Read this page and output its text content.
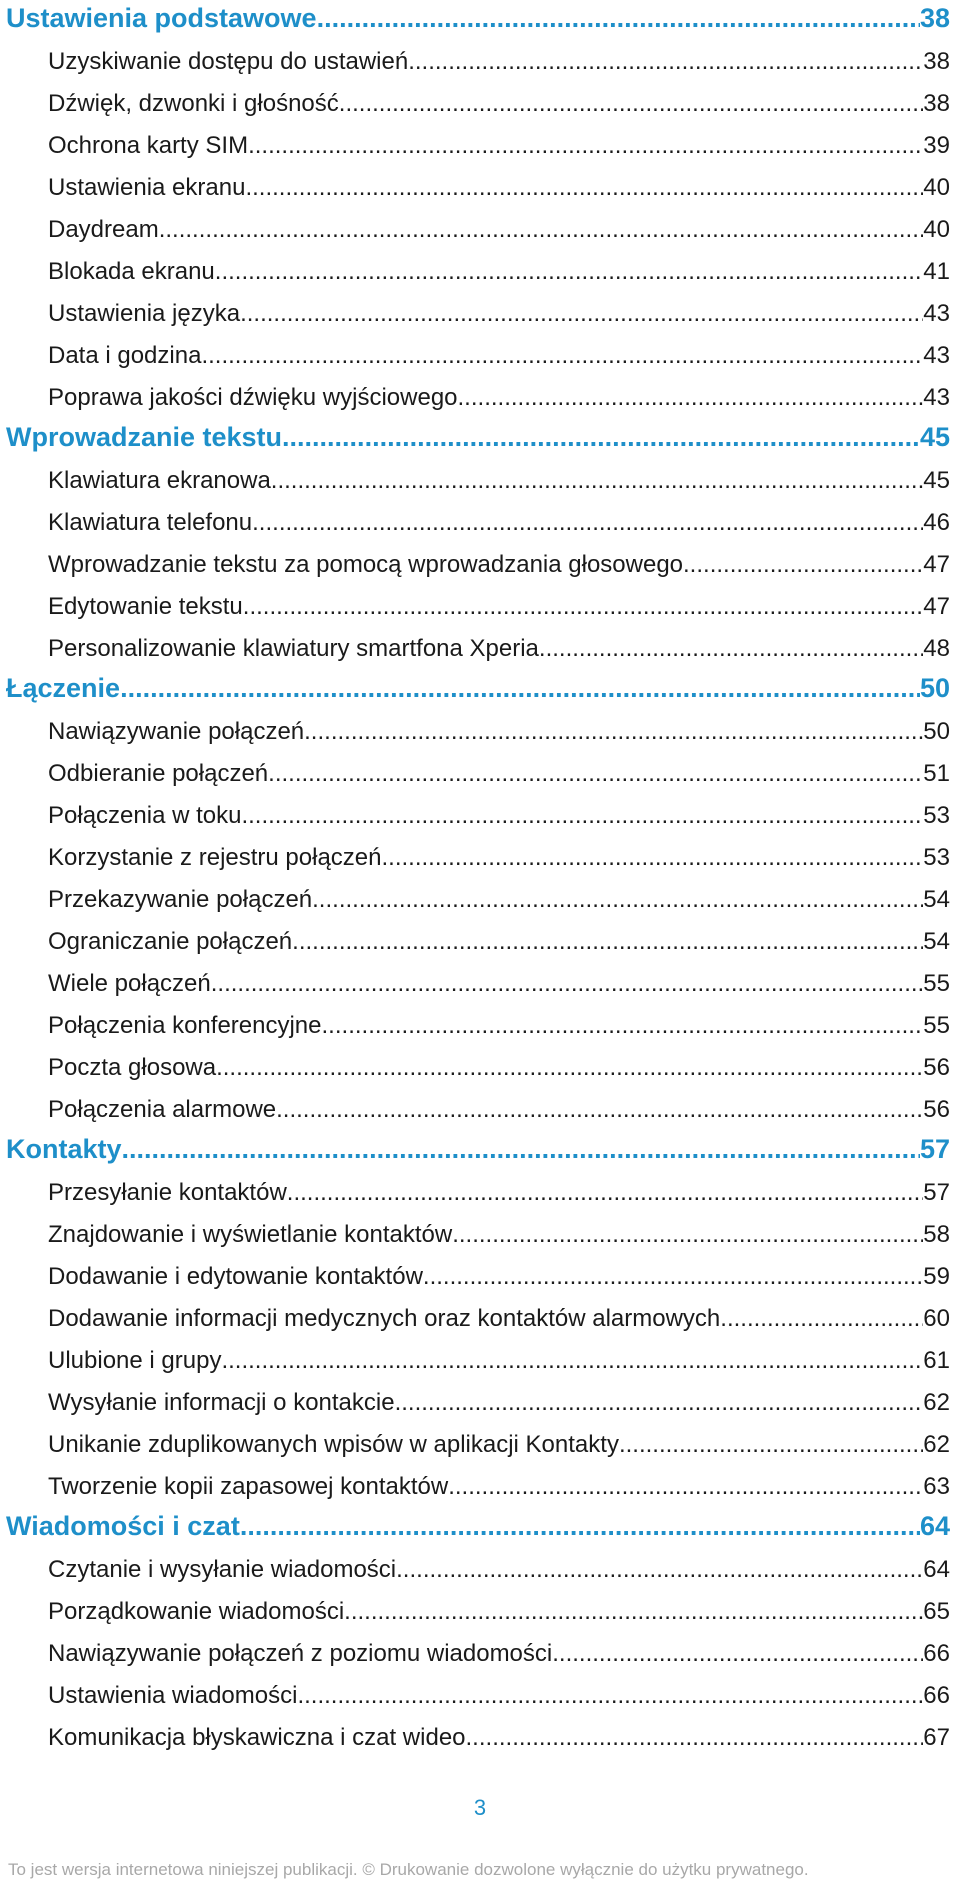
Ustawienia podstawowe .....	38
Uzyskiwanie dostępu do ustawień .....	38
Dźwięk, dzwonki i głośność .....	38
Ochrona karty SIM .....	39
Ustawienia ekranu .....	40
Daydream .....	40
Blokada ekranu .....	41
Ustawienia języka .....	43
Data i godzina .....	43
Poprawa jakości dźwięku wyjściowego .....	43
Wprowadzanie tekstu .....	45
Klawiatura ekranowa .....	45
Klawiatura telefonu .....	46
Wprowadzanie tekstu za pomocą wprowadzania głosowego .....	47
Edytowanie tekstu .....	47
Personalizowanie klawiatury smartfona Xperia .....	48
Łączenie .....	50
Nawiązywanie połączeń .....	50
Odbieranie połączeń .....	51
Połączenia w toku .....	53
Korzystanie z rejestru połączeń .....	53
Przekazywanie połączeń .....	54
Ograniczanie połączeń .....	54
Wiele połączeń .....	55
Połączenia konferencyjne .....	55
Poczta głosowa .....	56
Połączenia alarmowe .....	56
Kontakty .....	57
Przesyłanie kontaktów .....	57
Znajdowanie i wyświetlanie kontaktów .....	58
Dodawanie i edytowanie kontaktów .....	59
Dodawanie informacji medycznych oraz kontaktów alarmowych .....	60
Ulubione i grupy .....	61
Wysyłanie informacji o kontakcie .....	62
Unikanie zduplikowanych wpisów w aplikacji Kontakty .....	62
Tworzenie kopii zapasowej kontaktów .....	63
Wiadomości i czat .....	64
Czytanie i wysyłanie wiadomości .....	64
Porządkowanie wiadomości .....	65
Nawiązywanie połączeń z poziomu wiadomości .....	66
Ustawienia wiadomości .....	66
Komunikacja błyskawiczna i czat wideo .....	67
3
To jest wersja internetowa niniejszej publikacji. © Drukowanie dozwolone wyłącznie do użytku prywatnego.
